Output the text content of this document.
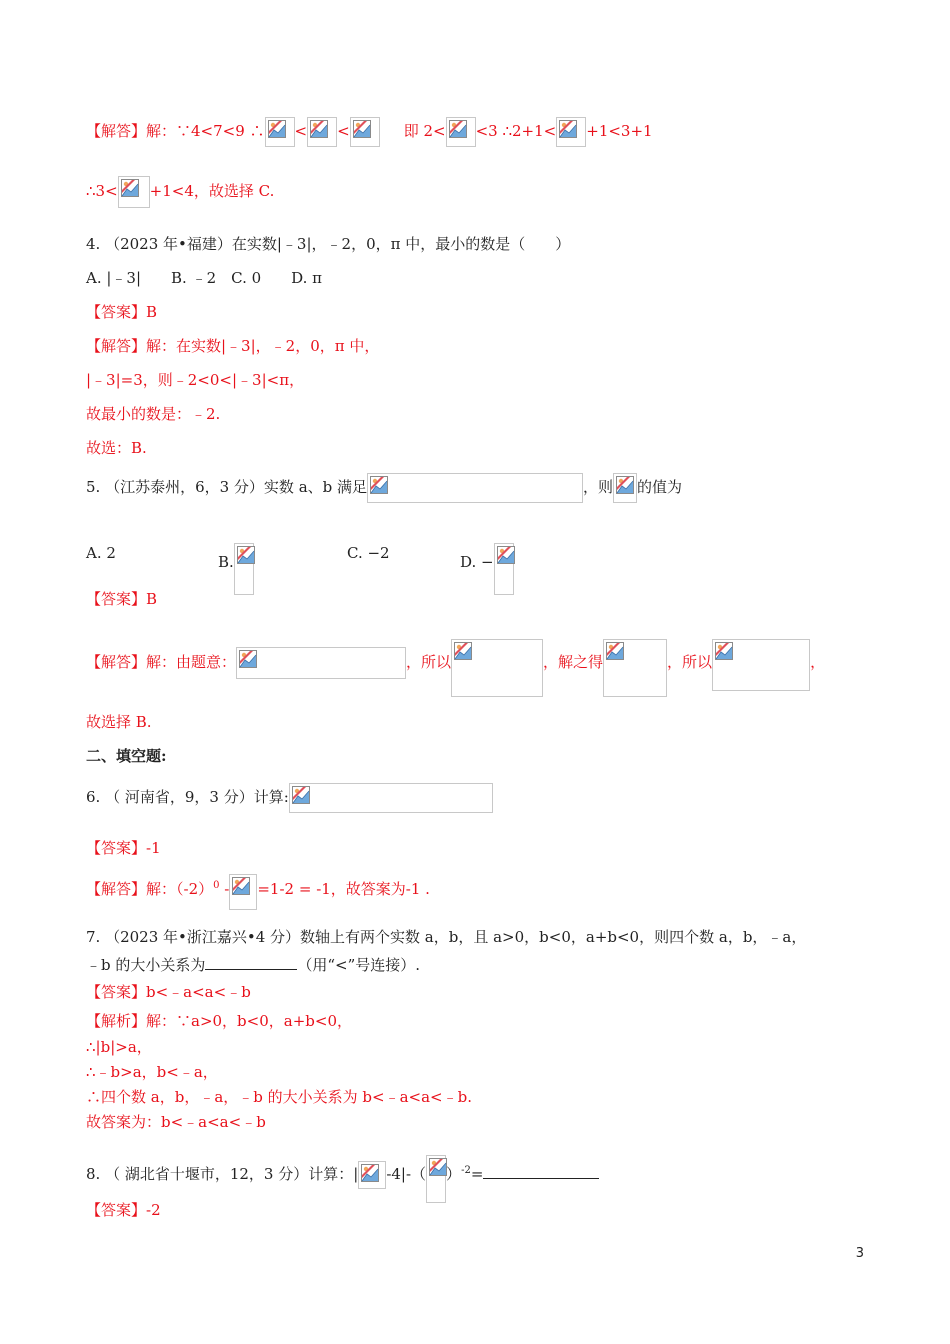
【解答】解：∵4<7<9 ∴ < <	即 2< <3 ∴2+1< +1<3+1
∴3< +1<4，故选择 C.
4. （2023 年•福建）在实数|﹣3|，﹣2，0，π 中，最小的数是（　　）
A. |﹣3|　　B. ﹣2　C. 0　　D. π
【答案】B
【解答】解：在实数|﹣3|，﹣2，0，π 中，
|﹣3|=3，则﹣2<0<|﹣3|<π，
故最小的数是：﹣2.
故选：B.
5. （江苏泰州，6，3 分）实数 a、b 满足	，则 的值为
A. 2	B.	C. −2	D. −
【答案】B
【解答】解：由题意：	，所以	，解之得	，所以	，
故选择 B.
二、填空题:
6. （ 河南省，9，3 分）计算:
【答案】-1
【解答】解：$(-2)^0 - =1-2 = -1$，故答案为-1 .
7. （2023 年•浙江嘉兴•4 分）数轴上有两个实数 a，b，且 a>0，b<0，a+b<0，则四个数 a，b，﹣a，
﹣b 的大小关系为	（用“<”号连接）.
【答案】b<﹣a<a<﹣b
【解析】解：∵a>0，b<0，a+b<0，
∴|b|>a，
∴﹣b>a，b<﹣a，
∴四个数 a，b，﹣a，﹣b 的大小关系为 b<﹣a<a<﹣b.
故答案为：b<﹣a<a<﹣b
8. （ 湖北省十堰市，12，3 分）计算：| -4|-（ ）$^{-2}$=
【答案】-2
3
